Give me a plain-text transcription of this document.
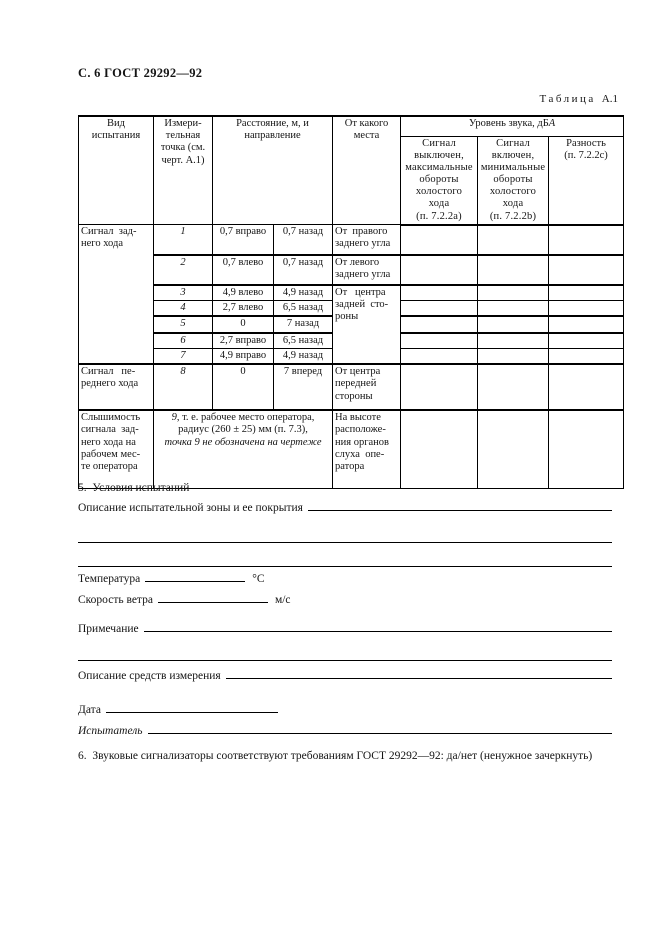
С. 6 ГОСТ 29292—92
Таблица А.1
Вид
испытания	Измери-
тельная
точка (см.
черт. А.1)	Расстояние, м, и
направление		От какого
места	Уровень звука, дБА		
Сигнал
выключен,
максимальные
обороты
холостого
хода
(п. 7.2.2а)	Сигнал
включен,
минимальные
обороты
холостого
хода
(п. 7.2.2b)	Разность
(п. 7.2.2с)
Сигнал  зад-
него хода	1	0,7 вправо	0,7 назад	От  правого
заднего угла			
	2	0,7 влево	0,7 назад	От левого
заднего угла			
	3	4,9 влево	4,9 назад	От   центра
задней  сто-
роны			
	4	2,7 влево	6,5 назад				
	5	0	7 назад				
	6	2,7 вправо	6,5 назад				
	7	4,9 вправо	4,9 назад				
Сигнал   пе-
реднего хода	8	0	7 вперед	От центра
передней
стороны			
Слышимость
сигнала  зад-
него хода на
рабочем мес-
те оператора	9, т. е. рабочее место оператора,
радиус (260 ± 25) мм (п. 7.3),
точка 9 не обозначена на чертеже			На высоте
расположе-
ния органов
слуха  опе-
ратора			
5.  Условия испытаний
Описание испытательной зоны и ее покрытия
Температура	°С
Скорость ветра	м/с
Примечание
Описание средств измерения
Дата
Испытатель
6.  Звуковые сигнализаторы соответствуют требованиям ГОСТ 29292—92: да/нет (ненужное зачеркнуть)
